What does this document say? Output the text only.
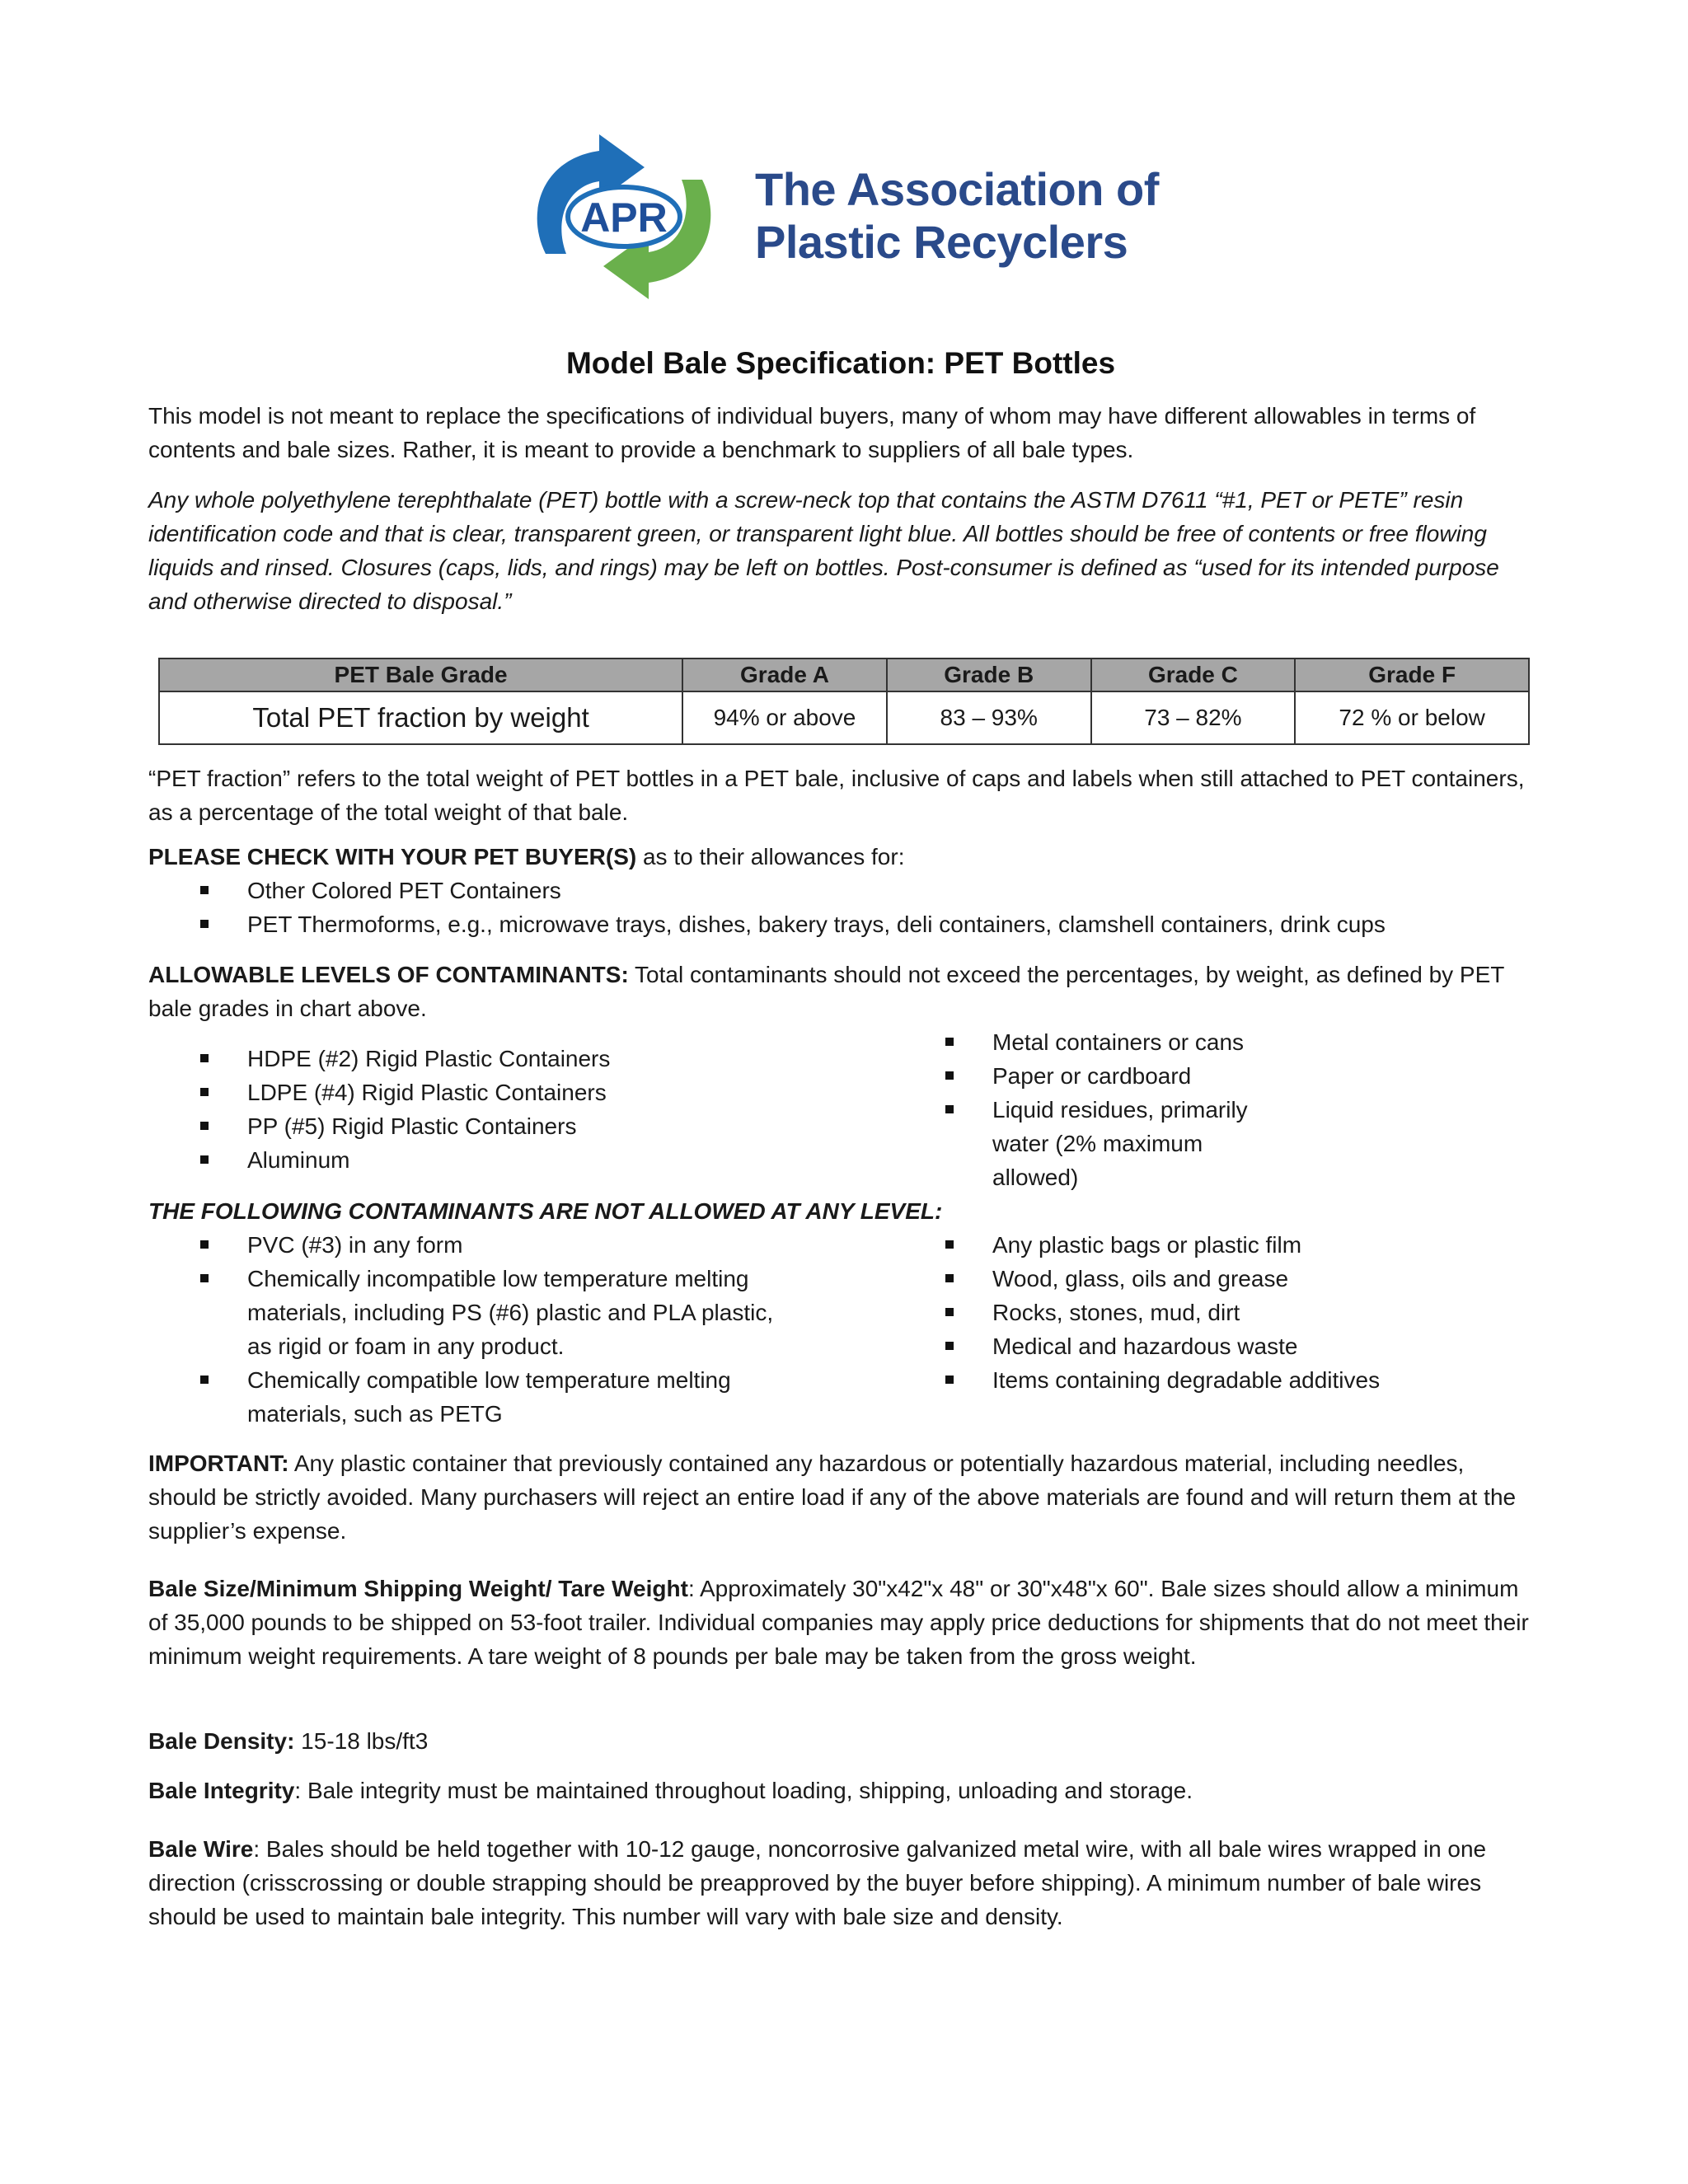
APR
The Association of
Plastic Recyclers
Model Bale Specification: PET Bottles
This model is not meant to replace the specifications of individual buyers, many of whom may have different allowables in terms of contents and bale sizes. Rather, it is meant to provide a benchmark to suppliers of all bale types.
Any whole polyethylene terephthalate (PET) bottle with a screw-neck top that contains the ASTM D7611 “#1, PET or PETE” resin identification code and that is clear, transparent green, or transparent light blue. All bottles should be free of contents or free flowing liquids and rinsed. Closures (caps, lids, and rings) may be left on bottles. Post-consumer is defined as “used for its intended purpose and otherwise directed to disposal.”
PET Bale Grade	Grade A	Grade B	Grade C	Grade F
Total PET fraction by weight	94% or above	83 – 93%	73 – 82%	72 % or below
“PET fraction” refers to the total weight of PET bottles in a PET bale, inclusive of caps and labels when still attached to PET containers, as a percentage of the total weight of that bale.
PLEASE CHECK WITH YOUR PET BUYER(S) as to their allowances for:
Other Colored PET Containers
PET Thermoforms, e.g., microwave trays, dishes, bakery trays, deli containers, clamshell containers, drink cups
ALLOWABLE LEVELS OF CONTAMINANTS: Total contaminants should not exceed the percentages, by weight, as defined by PET bale grades in chart above.
HDPE (#2) Rigid Plastic Containers
LDPE (#4) Rigid Plastic Containers
PP (#5) Rigid Plastic Containers
Aluminum
Metal containers or cans
Paper or cardboard
Liquid residues, primarily water (2% maximum allowed)
THE FOLLOWING CONTAMINANTS ARE NOT ALLOWED AT ANY LEVEL:
PVC (#3) in any form
Chemically incompatible low temperature melting materials, including PS (#6) plastic and PLA plastic, as rigid or foam in any product.
Chemically compatible low temperature melting materials, such as PETG
Any plastic bags or plastic film
Wood, glass, oils and grease
Rocks, stones, mud, dirt
Medical and hazardous waste
Items containing degradable additives
IMPORTANT: Any plastic container that previously contained any hazardous or potentially hazardous material, including needles, should be strictly avoided. Many purchasers will reject an entire load if any of the above materials are found and will return them at the supplier’s expense.
Bale Size/Minimum Shipping Weight/ Tare Weight: Approximately 30"x42"x 48" or 30"x48"x 60". Bale sizes should allow a minimum of 35,000 pounds to be shipped on 53-foot trailer. Individual companies may apply price deductions for shipments that do not meet their minimum weight requirements. A tare weight of 8 pounds per bale may be taken from the gross weight.
Bale Density: 15-18 lbs/ft3
Bale Integrity: Bale integrity must be maintained throughout loading, shipping, unloading and storage.
Bale Wire: Bales should be held together with 10-12 gauge, noncorrosive galvanized metal wire, with all bale wires wrapped in one direction (crisscrossing or double strapping should be preapproved by the buyer before shipping). A minimum number of bale wires should be used to maintain bale integrity. This number will vary with bale size and density.
